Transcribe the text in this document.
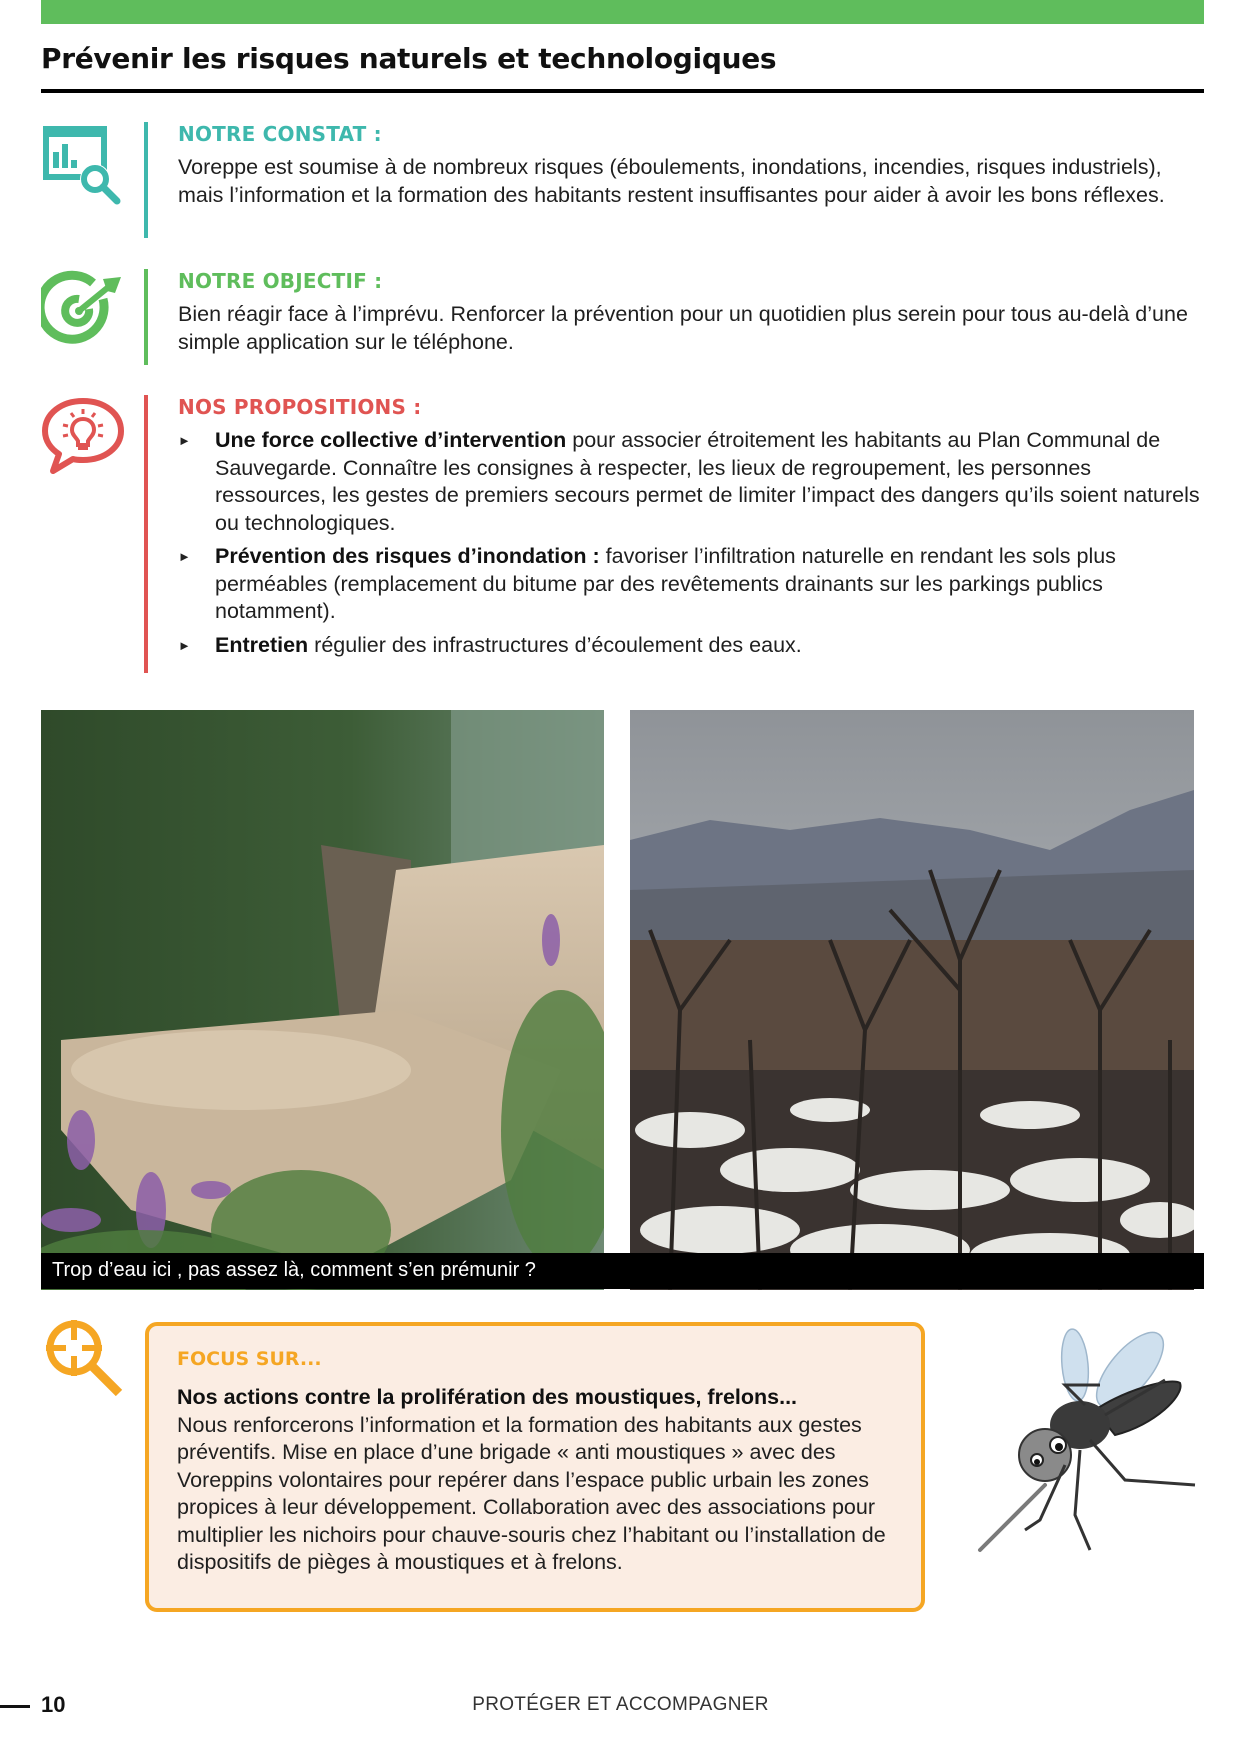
Prévenir les risques naturels et technologiques
NOTRE CONSTAT :

Voreppe est soumise à de nombreux risques (éboulements, inondations, incendies, risques industriels), mais l’information et la formation des habitants restent insuffisantes pour aider à avoir les bons réflexes.

NOTRE OBJECTIF :

Bien réagir face à l’imprévu. Renforcer la prévention pour un quotidien plus serein pour tous au-delà d’une simple application sur le téléphone.

NOS PROPOSITIONS :
► Une force collective d’intervention pour associer étroitement les habitants au Plan Communal de Sauvegarde. Connaître les consignes à respecter, les lieux de regroupement, les personnes ressources, les gestes de premiers secours permet de limiter l’impact des dangers qu’ils soient naturels ou technologiques.
► Prévention des risques d’inondation : favoriser l’infiltration naturelle en rendant les sols plus perméables (remplacement du bitume par des revêtements drainants sur les parkings publics notamment).
► Entretien régulier des infrastructures d’écoulement des eaux.
Trop d’eau ici , pas assez là, comment s’en prémunir ?
FOCUS SUR...
Nos actions contre la prolifération des moustiques, frelons...
Nous renforcerons l’information et la formation des habitants aux gestes préventifs. Mise en place d’une brigade « anti moustiques » avec des Voreppins volontaires pour repérer dans l’espace public urbain les zones propices à leur développement. Collaboration avec des associations pour multiplier les nichoirs pour chauve-souris chez l’habitant ou l’installation de dispositifs de pièges à moustiques et à frelons.
10	PROTÉGER ET ACCOMPAGNER
